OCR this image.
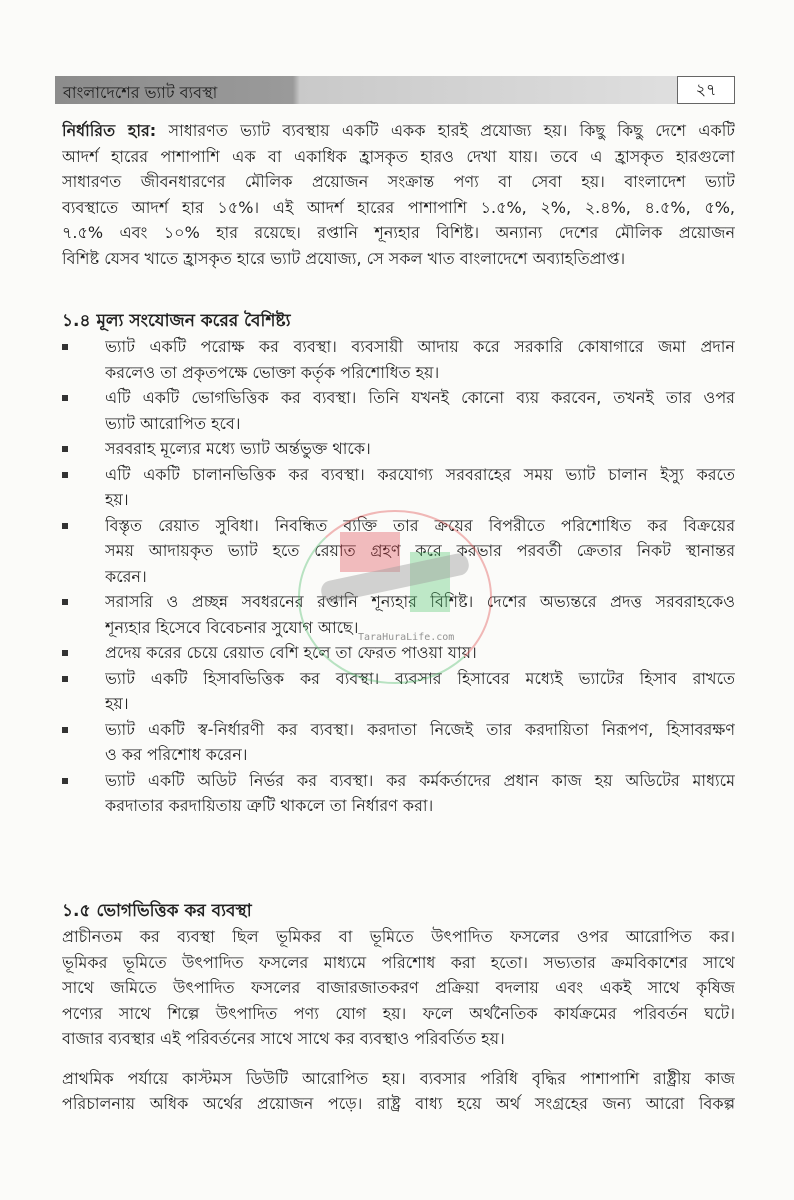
বাংলাদেশের ভ্যাট ব্যবস্থা	২৭
নির্ধারিত হার: সাধারণত ভ্যাট ব্যবস্থায় একটি একক হারই প্রযোজ্য হয়। কিছু কিছু দেশে একটি
আদর্শ হারের পাশাপাশি এক বা একাধিক হ্রাসকৃত হারও দেখা যায়। তবে এ হ্রাসকৃত হারগুলো
সাধারণত জীবনধারণের মৌলিক প্রয়োজন সংক্রান্ত পণ্য বা সেবা হয়। বাংলাদেশ ভ্যাট
ব্যবস্থাতে আদর্শ হার ১৫%। এই আদর্শ হারের পাশাপাশি ১.৫%, ২%, ২.৪%, ৪.৫%, ৫%,
৭.৫% এবং ১০% হার রয়েছে। রপ্তানি শূন্যহার বিশিষ্ট। অন্যান্য দেশের মৌলিক প্রয়োজন
বিশিষ্ট যেসব খাতে হ্রাসকৃত হারে ভ্যাট প্রযোজ্য, সে সকল খাত বাংলাদেশে অব্যাহতিপ্রাপ্ত।
১.৪ মূল্য সংযোজন করের বৈশিষ্ট্য
ভ্যাট একটি পরোক্ষ কর ব্যবস্থা। ব্যবসায়ী আদায় করে সরকারি কোষাগারে জমা প্রদান
করলেও তা প্রকৃতপক্ষে ভোক্তা কর্তৃক পরিশোধিত হয়।
এটি একটি ভোগভিত্তিক কর ব্যবস্থা। তিনি যখনই কোনো ব্যয় করবেন, তখনই তার ওপর
ভ্যাট আরোপিত হবে।
সরবরাহ মূল্যের মধ্যে ভ্যাট অর্ন্তভুক্ত থাকে।
এটি একটি চালানভিত্তিক কর ব্যবস্থা। করযোগ্য সরবরাহের সময় ভ্যাট চালান ইস্যু করতে
হয়।
বিস্তৃত রেয়াত সুবিধা। নিবন্ধিত ব্যক্তি তার ক্রয়ের বিপরীতে পরিশোধিত কর বিক্রয়ের
সময় আদায়কৃত ভ্যাট হতে রেয়াত গ্রহণ করে করভার পরবর্তী ক্রেতার নিকট স্থানান্তর
করেন।
সরাসরি ও প্রচ্ছন্ন সবধরনের রপ্তানি শূন্যহার বিশিষ্ট। দেশের অভ্যন্তরে প্রদত্ত সরবরাহকেও
শূন্যহার হিসেবে বিবেচনার সুযোগ আছে।
প্রদেয় করের চেয়ে রেয়াত বেশি হলে তা ফেরত পাওয়া যায়।
ভ্যাট একটি হিসাবভিত্তিক কর ব্যবস্থা। ব্যবসার হিসাবের মধ্যেই ভ্যাটের হিসাব রাখতে
হয়।
ভ্যাট একটি স্ব-নির্ধারণী কর ব্যবস্থা। করদাতা নিজেই তার করদায়িতা নিরূপণ, হিসাবরক্ষণ
ও কর পরিশোধ করেন।
ভ্যাট একটি অডিট নির্ভর কর ব্যবস্থা। কর কর্মকর্তাদের প্রধান কাজ হয় অডিটের মাধ্যমে
করদাতার করদায়িতায় ত্রুটি থাকলে তা নির্ধারণ করা।
১.৫ ভোগভিত্তিক কর ব্যবস্থা
প্রাচীনতম কর ব্যবস্থা ছিল ভূমিকর বা ভূমিতে উৎপাদিত ফসলের ওপর আরোপিত কর।
ভূমিকর ভূমিতে উৎপাদিত ফসলের মাধ্যমে পরিশোধ করা হতো। সভ্যতার ক্রমবিকাশের সাথে
সাথে জমিতে উৎপাদিত ফসলের বাজারজাতকরণ প্রক্রিয়া বদলায় এবং একই সাথে কৃষিজ
পণ্যের সাথে শিল্পে উৎপাদিত পণ্য যোগ হয়। ফলে অর্থনৈতিক কার্যক্রমের পরিবর্তন ঘটে।
বাজার ব্যবস্থার এই পরিবর্তনের সাথে সাথে কর ব্যবস্থাও পরিবর্তিত হয়।
প্রাথমিক পর্যায়ে কাস্টমস ডিউটি আরোপিত হয়। ব্যবসার পরিধি বৃদ্ধির পাশাপাশি রাষ্ট্রীয় কাজ
পরিচালনায় অধিক অর্থের প্রয়োজন পড়ে। রাষ্ট্র বাধ্য হয়ে অর্থ সংগ্রহের জন্য আরো বিকল্প
TaraHuraLife.com
